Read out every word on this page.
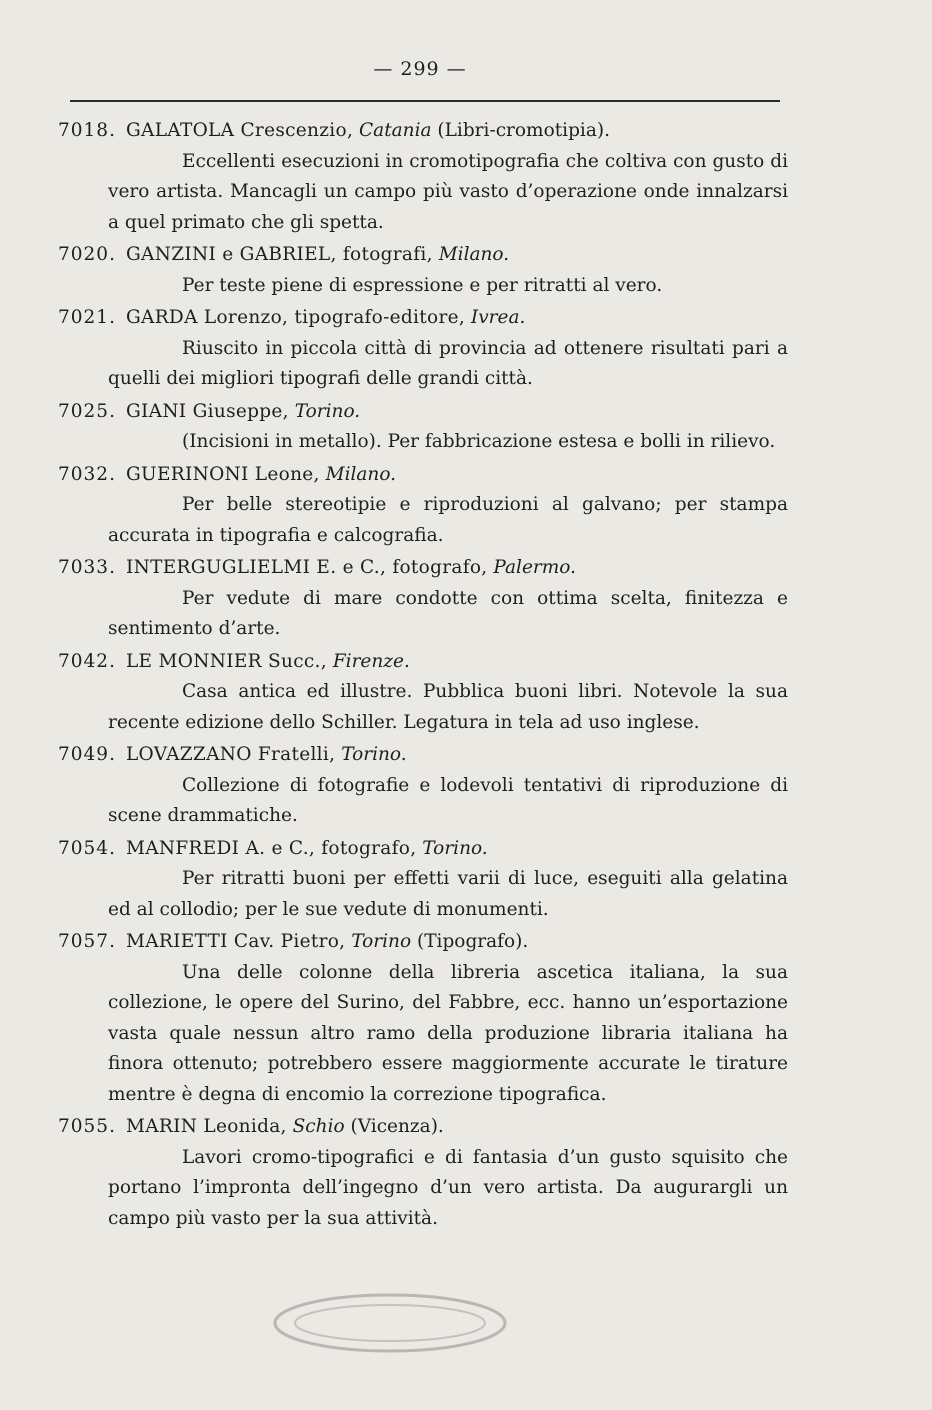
— 299 —
7018. GALATOLA Crescenzio, Catania (Libri-cromotipia).
Eccellenti esecuzioni in cromotipografia che coltiva con gusto di vero artista. Mancagli un campo più vasto d’operazione onde innalzarsi a quel primato che gli spetta.
7020. GANZINI e GABRIEL, fotografi, Milano.
Per teste piene di espressione e per ritratti al vero.
7021. GARDA Lorenzo, tipografo-editore, Ivrea.
Riuscito in piccola città di provincia ad ottenere risultati pari a quelli dei migliori tipografi delle grandi città.
7025. GIANI Giuseppe, Torino.
(Incisioni in metallo). Per fabbricazione estesa e bolli in rilievo.
7032. GUERINONI Leone, Milano.
Per belle stereotipie e riproduzioni al galvano; per stampa accurata in tipografia e calcografia.
7033. INTERGUGLIELMI E. e C., fotografo, Palermo.
Per vedute di mare condotte con ottima scelta, finitezza e sentimento d’arte.
7042. LE MONNIER Succ., Firenze.
Casa antica ed illustre. Pubblica buoni libri. Notevole la sua recente edizione dello Schiller. Legatura in tela ad uso inglese.
7049. LOVAZZANO Fratelli, Torino.
Collezione di fotografie e lodevoli tentativi di riproduzione di scene drammatiche.
7054. MANFREDI A. e C., fotografo, Torino.
Per ritratti buoni per effetti varii di luce, eseguiti alla gelatina ed al collodio; per le sue vedute di monumenti.
7057. MARIETTI Cav. Pietro, Torino (Tipografo).
Una delle colonne della libreria ascetica italiana, la sua collezione, le opere del Surino, del Fabbre, ecc. hanno un’esportazione vasta quale nessun altro ramo della produzione libraria italiana ha finora ottenuto; potrebbero essere maggiormente accurate le tirature mentre è degna di encomio la correzione tipografica.
7055. MARIN Leonida, Schio (Vicenza).
Lavori cromo-tipografici e di fantasia d’un gusto squisito che portano l’impronta dell’ingegno d’un vero artista. Da augurargli un campo più vasto per la sua attività.
